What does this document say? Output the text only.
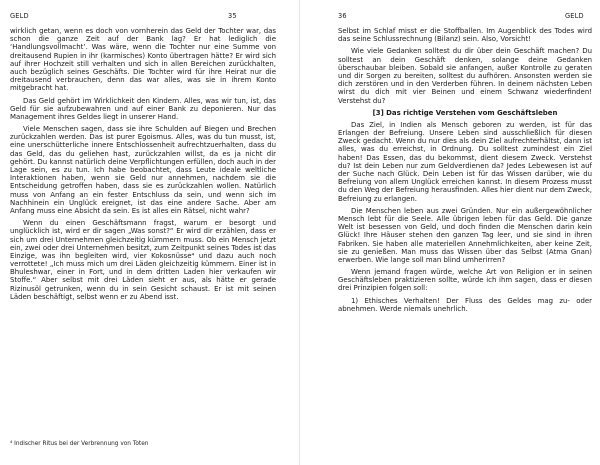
GELD	35

wirklich getan, wenn es doch von vornherein das Geld der Tochter war, das schon die ganze Zeit auf der Bank lag? Er hat lediglich die ‘Handlungsvollmacht’. Was wäre, wenn die Tochter nur eine Summe von dreitausend Rupien in ihr (karmisches) Konto übertragen hätte? Er wird sich auf ihrer Hochzeit still verhalten und sich in allen Bereichen zurückhalten, auch bezüglich seines Geschäfts. Die Tochter wird für ihre Heirat nur die dreitausend verbrauchen, denn das war alles, was sie in ihrem Konto mitgebracht hat.

Das Geld gehört im Wirklichkeit den Kindern. Alles, was wir tun, ist, das Geld für sie aufzubewahren und auf einer Bank zu deponieren. Nur das Management ihres Geldes liegt in unserer Hand.

Viele Menschen sagen, dass sie ihre Schulden auf Biegen und Brechen zurückzahlen werden. Das ist purer Egoismus. Alles, was du tun musst, ist, eine unerschütterliche innere Entschlossenheit aufrechtzuerhalten, dass du das Geld, das du geliehen hast, zurückzahlen willst, da es ja nicht dir gehört. Du kannst natürlich deine Verpflichtungen erfüllen, doch auch in der Lage sein, es zu tun. Ich habe beobachtet, dass Leute ideale weltliche Interaktionen haben, wenn sie Geld nur annehmen, nachdem sie die Entscheidung getroffen haben, dass sie es zurückzahlen wollen. Natürlich muss von Anfang an ein fester Entschluss da sein, und wenn sich im Nachhinein ein Unglück ereignet, ist das eine andere Sache. Aber am Anfang muss eine Absicht da sein. Es ist alles ein Rätsel, nicht wahr?

Wenn du einen Geschäftsmann fragst, warum er besorgt und unglücklich ist, wird er dir sagen „Was sonst?“ Er wird dir erzählen, dass er sich um drei Unternehmen gleichzeitig kümmern muss. Ob ein Mensch jetzt ein, zwei oder drei Unternehmen besitzt, zum Zeitpunkt seines Todes ist das Einzige, was ihn begleiten wird, vier Kokosnüsse⁴ und dazu auch noch verrottete! „Ich muss mich um drei Läden gleichzeitig kümmern. Einer ist in Bhuleshwar, einer in Fort, und in dem dritten Laden hier verkaufen wir Stoffe.“ Aber selbst mit drei Läden sieht er aus, als hätte er gerade Rizinusöl getrunken, wenn du in sein Gesicht schaust. Er ist mit seinen Läden beschäftigt, selbst wenn er zu Abend isst.

⁴ Indischer Ritus bei der Verbrennung von Toten
36	GELD

Selbst im Schlaf misst er die Stoffballen. Im Augenblick des Todes wird das seine Schlussrechnung (Bilanz) sein. Also, Vorsicht!

Wie viele Gedanken solltest du dir über dein Geschäft machen? Du solltest an dein Geschäft denken, solange deine Gedanken überschaubar bleiben. Sobald sie anfangen, außer Kontrolle zu geraten und dir Sorgen zu bereiten, solltest du aufhören. Ansonsten werden sie dich zerstören und in den Verderben führen. In deinem nächsten Leben wirst du dich mit vier Beinen und einem Schwanz wiederfinden! Verstehst du?

[3] Das richtige Verstehen vom Geschäftsleben

Das Ziel, in Indien als Mensch geboren zu werden, ist für das Erlangen der Befreiung. Unsere Leben sind ausschließlich für diesen Zweck gedacht. Wenn du nur dies als dein Ziel aufrechterhältst, dann ist alles, was du erreichst, in Ordnung. Du solltest zumindest ein Ziel haben! Das Essen, das du bekommst, dient diesem Zweck. Verstehst du? Ist dein Leben nur zum Geldverdienen da? Jedes Lebewesen ist auf der Suche nach Glück. Dein Leben ist für das Wissen darüber, wie du Befreiung von allem Unglück erreichen kannst. In diesem Prozess musst du den Weg der Befreiung herausfinden. Alles hier dient nur dem Zweck, Befreiung zu erlangen.

Die Menschen leben aus zwei Gründen. Nur ein außergewöhnlicher Mensch lebt für die Seele. Alle übrigen leben für das Geld. Die ganze Welt ist besessen von Geld, und doch finden die Menschen darin kein Glück! Ihre Häuser stehen den ganzen Tag leer, und sie sind in ihren Fabriken. Sie haben alle materiellen Annehmlichkeiten, aber keine Zeit, sie zu genießen. Man muss das Wissen über das Selbst (Atma Gnan) erwerben. Wie lange soll man blind umherirren?

Wenn jemand fragen würde, welche Art von Religion er in seinen Geschäftsleben praktizieren sollte, würde ich ihm sagen, dass er diesen drei Prinzipien folgen soll:

1) Ethisches Verhalten! Der Fluss des Geldes mag zu- oder abnehmen. Werde niemals unehrlich.
